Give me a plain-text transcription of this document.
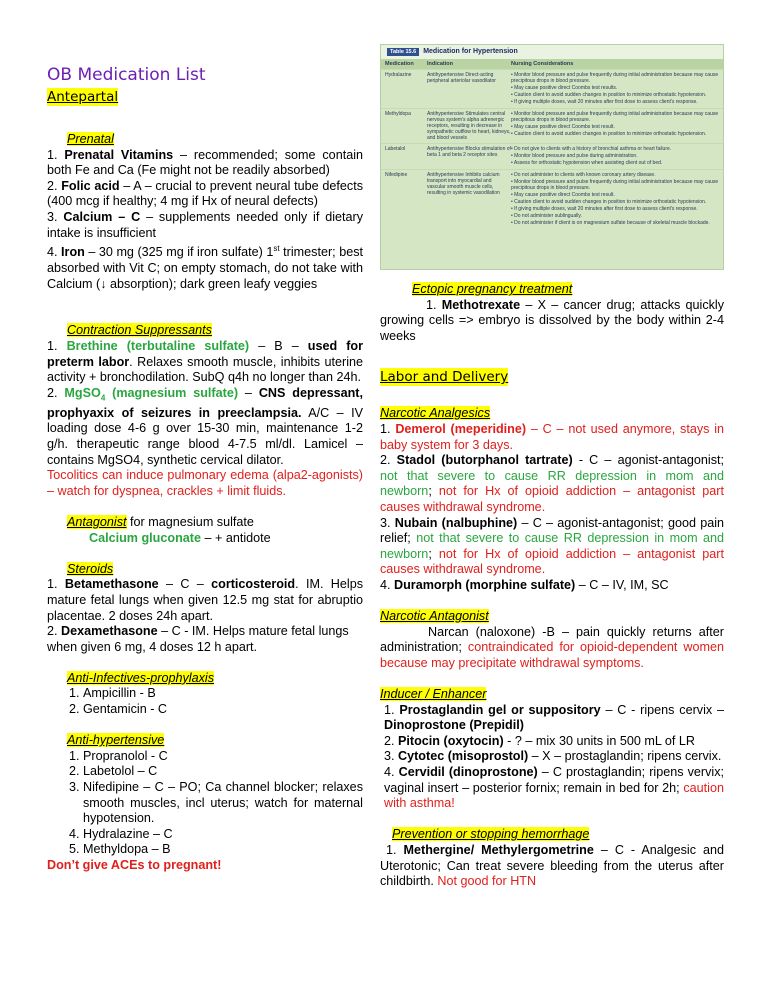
OB Medication List
Antepartal

Prenatal

1. Prenatal Vitamins – recommended; some contain both Fe and Ca (Fe might not be readily absorbed)

2. Folic acid – A – crucial to prevent neural tube defects (400 mcg if healthy; 4 mg if Hx of neural defects)

3. Calcium – C – supplements needed only if dietary intake is insufficient

4. Iron – 30 mg (325 mg if iron sulfate) 1st trimester; best absorbed with Vit C; on empty stomach, do not take with Calcium (↓ absorption); dark green leafy veggies

Contraction Suppressants

1. Brethine (terbutaline sulfate) – B – used for preterm labor. Relaxes smooth muscle, inhibits uterine activity + bronchodilation. SubQ q4h no longer than 24h.

2. MgSO$_4$ (magnesium sulfate) – CNS depressant, prophyaxix of seizures in preeclampsia. A/C – IV loading dose 4-6 g over 15-30 min, maintenance 1-2 g/h. therapeutic range blood 4-7.5 ml/dl. Lamicel – contains MgSO4, synthetic cervical dilator.

Tocolitics can induce pulmonary edema (alpa2-agonists) – watch for dyspnea, crackles + limit fluids.

Antagonist for magnesium sulfate

Calcium gluconate – + antidote

Steroids

1. Betamethasone – C – corticosteroid. IM. Helps mature fetal lungs when given 12.5 mg stat for abruptio placentae. 2 doses 24h apart.

2. Dexamethasone – C - IM. Helps mature fetal lungs when given 6 mg, 4 doses 12 h apart.

Anti-Infectives-prophylaxis

1. Ampicillin - B
2. Gentamicin - C

Anti-hypertensive

1. Propranolol - C
2. Labetolol – C
3. Nifedipine – C – PO; Ca channel blocker; relaxes smooth muscles, incl uterus; watch for maternal hypotension.
4. Hydralazine – C
5. Methyldopa – B

Don’t give ACEs to pregnant!

Table 15.6	Medication for Hypertension
Medication	Indication	Nursing Considerations
Hydralazine	Antihypertensive Direct-acting peripheral arteriolar vasodilator
• Monitor blood pressure and pulse frequently during initial administration because may cause precipitous drops in blood pressure.
• May cause positive direct Coombs test results.
• Caution client to avoid sudden changes in position to minimize orthostatic hypotension.
• If giving multiple doses, wait 20 minutes after first dose to assess client's response.
Methyldopa	Antihypertensive Stimulates central nervous system's alpha adrenergic receptors, resulting in decrease in sympathetic outflow to heart, kidneys, and blood vessels
• Monitor blood pressure and pulse frequently during initial administration because may cause precipitous drops in blood pressure.
• May cause positive direct Coombs test result.
• Caution client to avoid sudden changes in position to minimize orthostatic hypotension.
Labetalol	Antihypertensive Blocks stimulation of beta 1 and beta 2 receptor sites
• Do not give to clients with a history of bronchial asthma or heart failure.
• Monitor blood pressure and pulse during administration.
• Assess for orthostatic hypotension when assisting client out of bed.
Nifedipine	Antihypertensive Inhibits calcium transport into myocardial and vascular smooth muscle cells, resulting in systemic vasodilation
• Do not administer to clients with known coronary artery disease.
• Monitor blood pressure and pulse frequently during initial administration because may cause precipitous drops in blood pressure.
• May cause positive direct Coombs test result.
• Caution client to avoid sudden changes in position to minimize orthostatic hypotension.
• If giving multiple doses, wait 20 minutes after first dose to assess client's response.
• Do not administer sublingually.
• Do not administer if client is on magnesium sulfate because of skeletal muscle blockade.

Ectopic pregnancy treatment

1. Methotrexate – X – cancer drug; attacks quickly growing cells => embryo is dissolved by the body within 2-4 weeks

Labor and Delivery

Narcotic Analgesics

1. Demerol (meperidine) – C – not used anymore, stays in baby system for 3 days.

2. Stadol (butorphanol tartrate) - C – agonist-antagonist; not that severe to cause RR depression in mom and newborn; not for Hx of opioid addiction – antagonist part causes withdrawal syndrome.

3. Nubain (nalbuphine) – C – agonist-antagonist; good pain relief; not that severe to cause RR depression in mom and newborn; not for Hx of opioid addiction – antagonist part causes withdrawal syndrome.

4. Duramorph (morphine sulfate) – C – IV, IM, SC

Narcotic Antagonist

Narcan (naloxone) -B – pain quickly returns after administration; contraindicated for opioid-dependent women because may precipitate withdrawal symptoms.

Inducer / Enhancer

1. Prostaglandin gel or suppository – C - ripens cervix – Dinoprostone (Prepidil)

2. Pitocin (oxytocin) - ? – mix 30 units in 500 mL of LR

3. Cytotec (misoprostol) – X – prostaglandin; ripens cervix.

4. Cervidil (dinoprostone) – C prostaglandin; ripens vervix; vaginal insert – posterior fornix; remain in bed for 2h; caution with asthma!

Prevention or stopping hemorrhage

1. Methergine/ Methylergometrine – C - Analgesic and Uterotonic; Can treat severe bleeding from the uterus after childbirth. Not good for HTN
